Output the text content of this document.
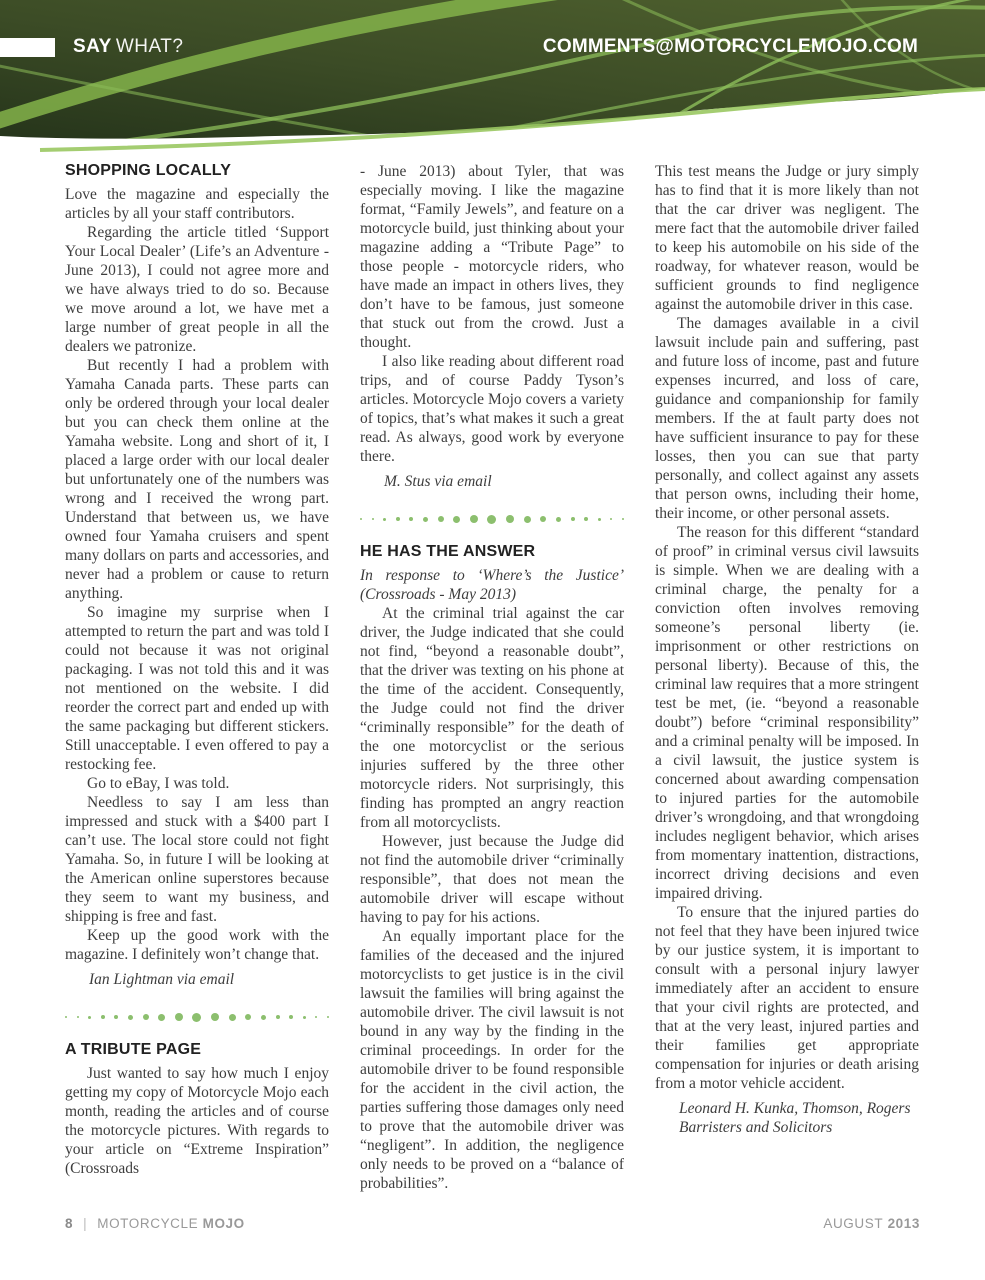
SAY WHAT?	COMMENTS@MOTORCYCLEMOJO.COM
SHOPPING LOCALLY

Love the magazine and especially the articles by all your staff contributors.

Regarding the article titled ‘Support Your Local Dealer’ (Life’s an Adventure - June 2013), I could not agree more and we have always tried to do so. Because we move around a lot, we have met a large number of great people in all the dealers we patronize.

But recently I had a problem with Yamaha Canada parts. These parts can only be ordered through your local dealer but you can check them online at the Yamaha website. Long and short of it, I placed a large order with our local dealer but unfortunately one of the numbers was wrong and I received the wrong part. Understand that between us, we have owned four Yamaha cruisers and spent many dollars on parts and accessories, and never had a problem or cause to return anything.

So imagine my surprise when I attempted to return the part and was told I could not because it was not original packaging. I was not told this and it was not mentioned on the website. I did reorder the correct part and ended up with the same packaging but different stickers. Still unacceptable. I even offered to pay a restocking fee.

Go to eBay, I was told.

Needless to say I am less than impressed and stuck with a $400 part I can’t use. The local store could not fight Yamaha. So, in future I will be looking at the American online superstores because they seem to want my business, and shipping is free and fast.

Keep up the good work with the magazine. I definitely won’t change that.

Ian Lightman via email
A TRIBUTE PAGE

Just wanted to say how much I enjoy getting my copy of Motorcycle Mojo each month, reading the articles and of course the motorcycle pictures. With regards to your article on “Extreme Inspiration” (Crossroads

- June 2013) about Tyler, that was especially moving. I like the magazine format, “Family Jewels”, and feature on a motorcycle build, just thinking about your magazine adding a “Tribute Page” to those people - motorcycle riders, who have made an impact in others lives, they don’t have to be famous, just someone that stuck out from the crowd. Just a thought.

I also like reading about different road trips, and of course Paddy Tyson’s articles. Motorcycle Mojo covers a variety of topics, that’s what makes it such a great read. As always, good work by everyone there.

M. Stus via email
HE HAS THE ANSWER

In response to ‘Where’s the Justice’ (Crossroads - May 2013)

At the criminal trial against the car driver, the Judge indicated that she could not find, “beyond a reasonable doubt”, that the driver was texting on his phone at the time of the accident. Consequently, the Judge could not find the driver “criminally responsible” for the death of the one motorcyclist or the serious injuries suffered by the three other motorcycle riders. Not surprisingly, this finding has prompted an angry reaction from all motorcyclists.

However, just because the Judge did not find the automobile driver “criminally responsible”, that does not mean the automobile driver will escape without having to pay for his actions.

An equally important place for the families of the deceased and the injured motorcyclists to get justice is in the civil lawsuit the families will bring against the automobile driver. The civil lawsuit is not bound in any way by the finding in the criminal proceedings. In order for the automobile driver to be found responsible for the accident in the civil action, the parties suffering those damages only need to prove that the automobile driver was “negligent”. In addition, the negligence only needs to be proved on a “balance of probabilities”.

This test means the Judge or jury simply has to find that it is more likely than not that the car driver was negligent. The mere fact that the automobile driver failed to keep his automobile on his side of the roadway, for whatever reason, would be sufficient grounds to find negligence against the automobile driver in this case.

The damages available in a civil lawsuit include pain and suffering, past and future loss of income, past and future expenses incurred, and loss of care, guidance and companionship for family members. If the at fault party does not have sufficient insurance to pay for these losses, then you can sue that party personally, and collect against any assets that person owns, including their home, their income, or other personal assets.

The reason for this different “standard of proof” in criminal versus civil lawsuits is simple. When we are dealing with a criminal charge, the penalty for a conviction often involves removing someone’s personal liberty (ie. imprisonment or other restrictions on personal liberty). Because of this, the criminal law requires that a more stringent test be met, (ie. “beyond a reasonable doubt”) before “criminal responsibility” and a criminal penalty will be imposed. In a civil lawsuit, the justice system is concerned about awarding compensation to injured parties for the automobile driver’s wrongdoing, and that wrongdoing includes negligent behavior, which arises from momentary inattention, distractions, incorrect driving decisions and even impaired driving.

To ensure that the injured parties do not feel that they have been injured twice by our justice system, it is important to consult with a personal injury lawyer immediately after an accident to ensure that your civil rights are protected, and that at the very least, injured parties and their families get appropriate compensation for injuries or death arising from a motor vehicle accident.

Leonard H. Kunka, Thomson, Rogers Barristers and Solicitors
8 | MOTORCYCLE MOJO	AUGUST 2013
